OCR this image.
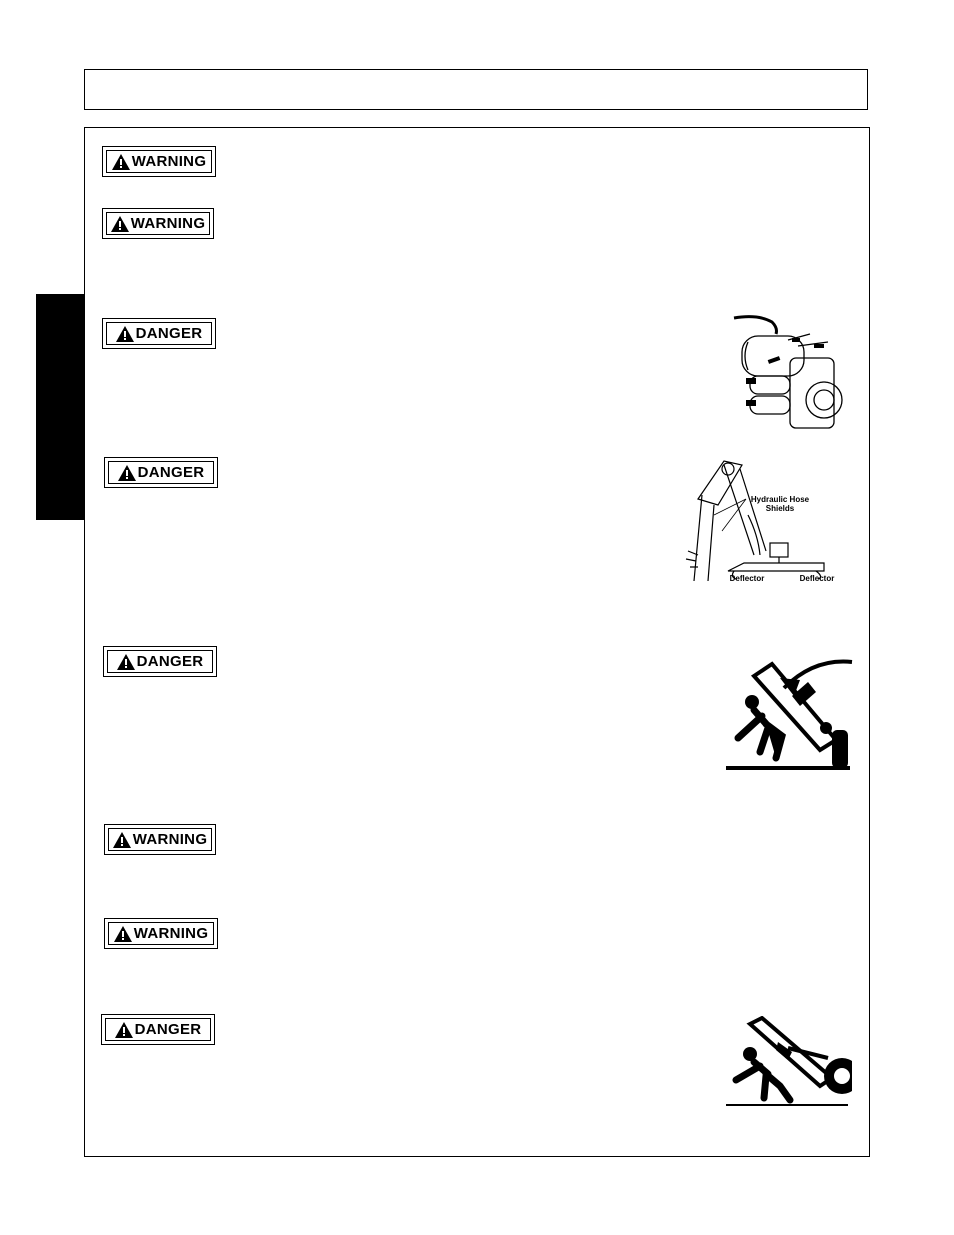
WARNING
WARNING
DANGER
DANGER
DANGER
WARNING
WARNING
DANGER
Hydraulic Hose Shields
Deflector	Deflector
